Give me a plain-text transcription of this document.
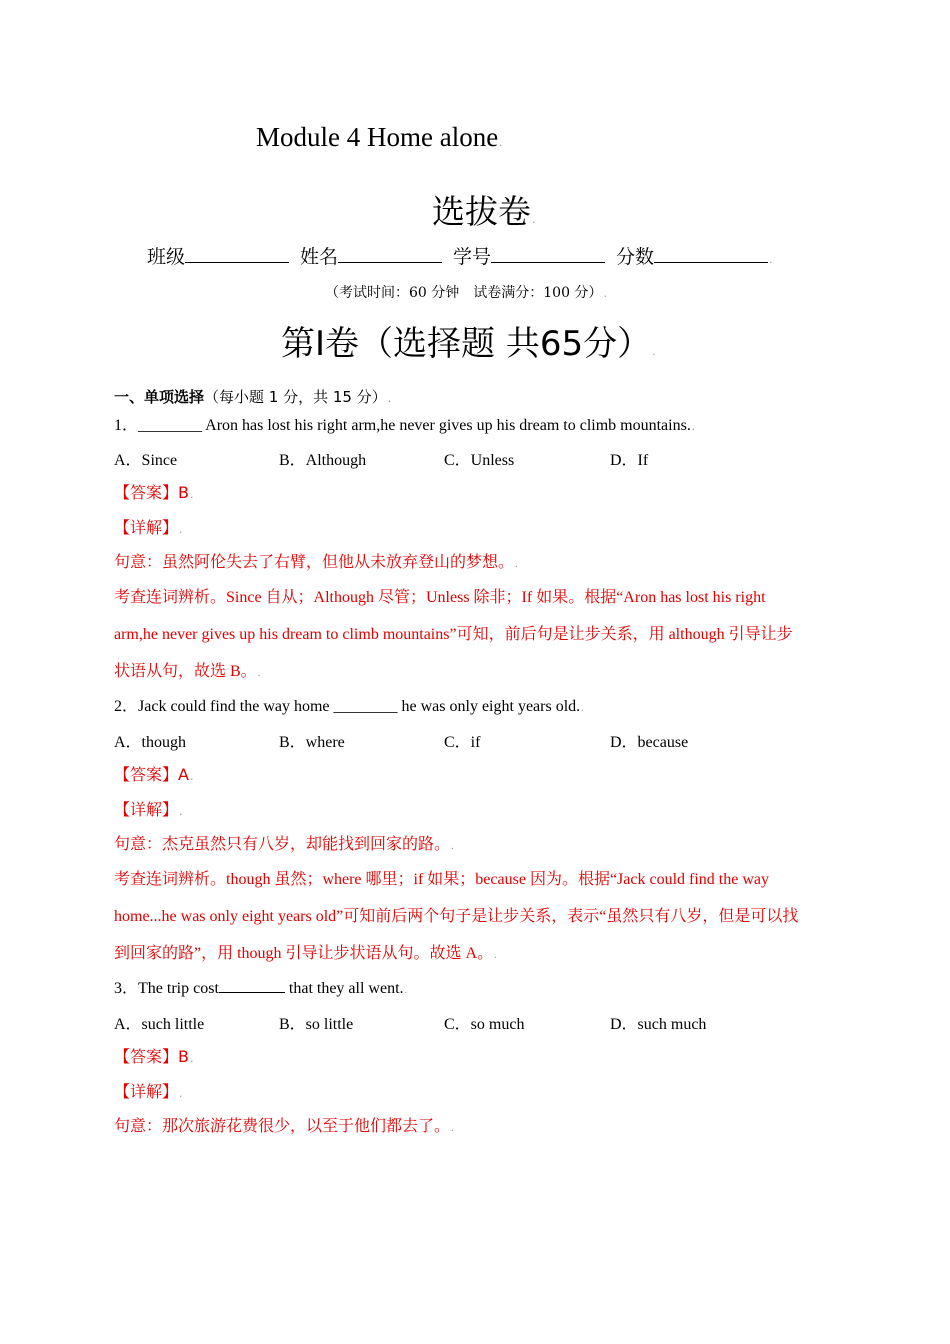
Module 4 Home alone.
选拔卷.
班级	姓名	学号	分数	.
（考试时间：60 分钟　试卷满分：100 分）.
第I卷（选择题 共65分）.
一、单项选择（每小题 1 分，共 15 分）.
1．________ Aron has lost his right arm,he never gives up his dream to climb mountains..
A．Since	B．Although	C．Unless	D．If
【答案】B.
【详解】.
句意：虽然阿伦失去了右臂，但他从未放弃登山的梦想。.
考查连词辨析。Since 自从；Although 尽管；Unless 除非；If 如果。根据“Aron has lost his right
arm,he never gives up his dream to climb mountains”可知，前后句是让步关系，用 although 引导让步
状语从句，故选 B。.
2．Jack could find the way home ________ he was only eight years old..
A．though	B．where	C．if	D．because
【答案】A.
【详解】.
句意：杰克虽然只有八岁，却能找到回家的路。.
考查连词辨析。though 虽然；where 哪里；if 如果；because 因为。根据“Jack could find the way
home...he was only eight years old”可知前后两个句子是让步关系，表示“虽然只有八岁，但是可以找
到回家的路”，用 though 引导让步状语从句。故选 A。.
3．The trip cost	that they all went..
A．such little	B．so little	C．so much	D．such much
【答案】B.
【详解】.
句意：那次旅游花费很少，以至于他们都去了。.
